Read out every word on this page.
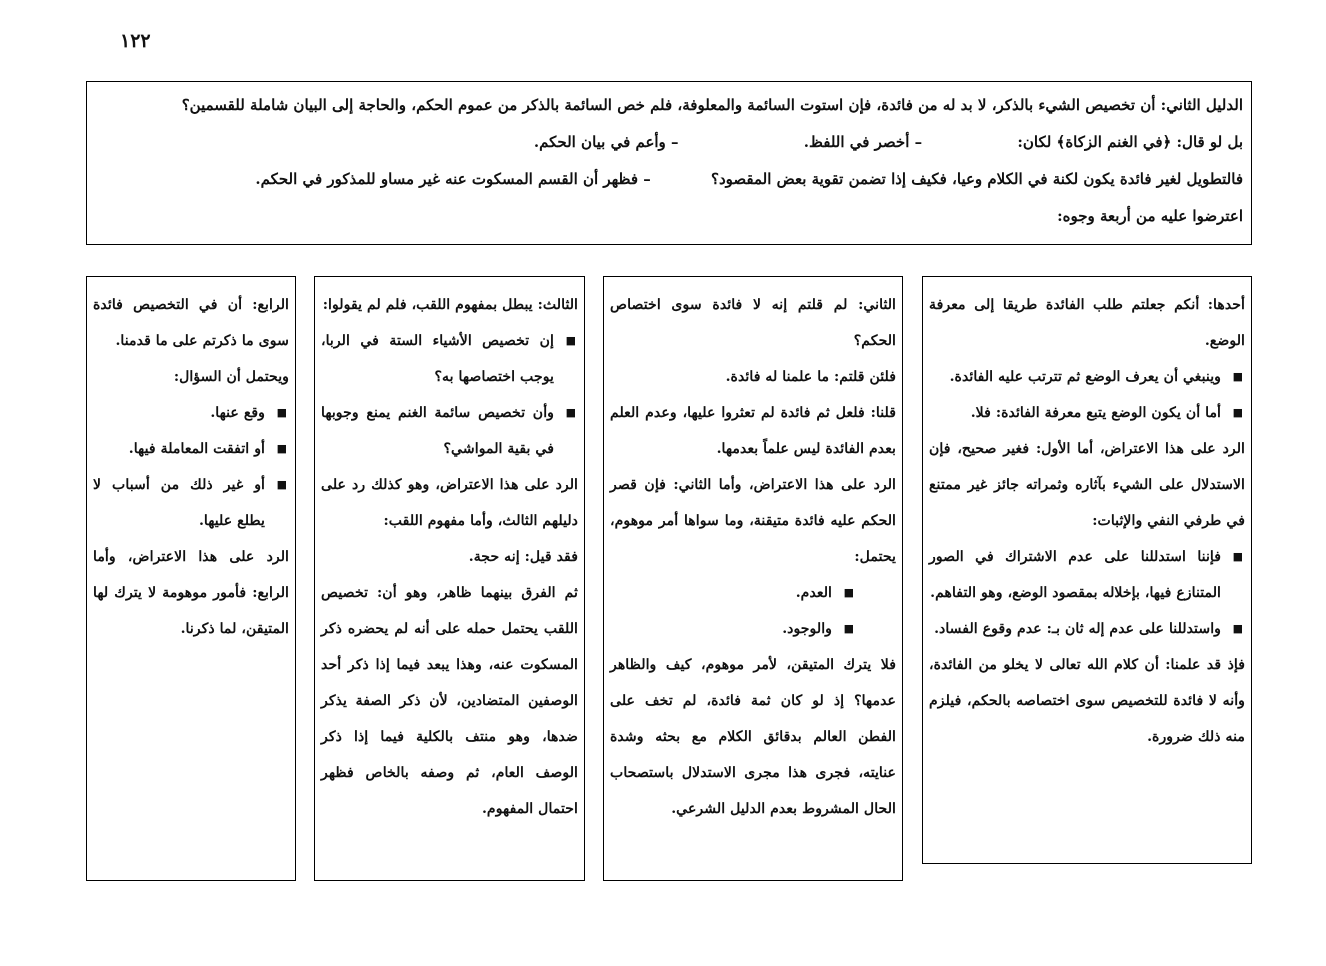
١٢٢
الدليل الثاني: أن تخصيص الشيء بالذكر، لا بد له من فائدة، فإن استوت السائمة والمعلوفة، فلم خص السائمة بالذكر من عموم الحكم، والحاجة إلى البيان شاملة للقسمين؟
بل لو قال: ﴿في الغنم الزكاة﴾ لكان: – أخصر في اللفظ. – وأعم في بيان الحكم.
فالتطويل لغير فائدة يكون لكنة في الكلام وعيا، فكيف إذا تضمن تقوية بعض المقصود؟ – فظهر أن القسم المسكوت عنه غير مساو للمذكور في الحكم.
اعترضوا عليه من أربعة وجوه:

أحدها: أنكم جعلتم طلب الفائدة طريقا إلى معرفة الوضع.

■
وينبغي أن يعرف الوضع ثم تترتب عليه الفائدة.
■
أما أن يكون الوضع يتبع معرفة الفائدة: فلا.

الرد على هذا الاعتراض، أما الأول: فغير صحيح، فإن الاستدلال على الشيء بآثاره وثمراته جائز غير ممتنع في طرفي النفي والإثبات:

■
فإننا استدللنا على عدم الاشتراك في الصور المتنازع فيها، بإخلاله بمقصود الوضع، وهو التفاهم.
■
واستدللنا على عدم إله ثان بـ: عدم وقوع الفساد.

فإذ قد علمنا: أن كلام الله تعالى لا يخلو من الفائدة، وأنه لا فائدة للتخصيص سوى اختصاصه بالحكم، فيلزم منه ذلك ضرورة.

الثاني: لم قلتم إنه لا فائدة سوى اختصاص الحكم؟

فلئن قلتم: ما علمنا له فائدة.

قلنا: فلعل ثم فائدة لم تعثروا عليها، وعدم العلم بعدم الفائدة ليس علماً بعدمها.

الرد على هذا الاعتراض، وأما الثاني: فإن قصر الحكم عليه فائدة متيقنة، وما سواها أمر موهوم، يحتمل:

■
العدم.
■
والوجود.

فلا يترك المتيقن، لأمر موهوم، كيف والظاهر عدمها؟ إذ لو كان ثمة فائدة، لم تخف على الفطن العالم بدقائق الكلام مع بحثه وشدة عنايته، فجرى هذا مجرى الاستدلال باستصحاب الحال المشروط بعدم الدليل الشرعي.

الثالث: يبطل بمفهوم اللقب، فلم لم يقولوا:

■
إن تخصيص الأشياء الستة في الربا، يوجب اختصاصها به؟
■
وأن تخصيص سائمة الغنم يمنع وجوبها في بقية المواشي؟

الرد على هذا الاعتراض، وهو كذلك رد على دليلهم الثالث، وأما مفهوم اللقب:

فقد قيل: إنه حجة.

ثم الفرق بينهما ظاهر، وهو أن: تخصيص اللقب يحتمل حمله على أنه لم يحضره ذكر المسكوت عنه، وهذا يبعد فيما إذا ذكر أحد الوصفين المتضادين، لأن ذكر الصفة يذكر ضدها، وهو منتف بالكلية فيما إذا ذكر الوصف العام، ثم وصفه بالخاص فظهر احتمال المفهوم.

الرابع: أن في التخصيص فائدة سوى ما ذكرتم على ما قدمنا.

ويحتمل أن السؤال:

■
وقع عنها.
■
أو اتفقت المعاملة فيها.
■
أو غير ذلك من أسباب لا يطلع عليها.

الرد على هذا الاعتراض، وأما الرابع: فأمور موهومة لا يترك لها المتيقن، لما ذكرنا.
